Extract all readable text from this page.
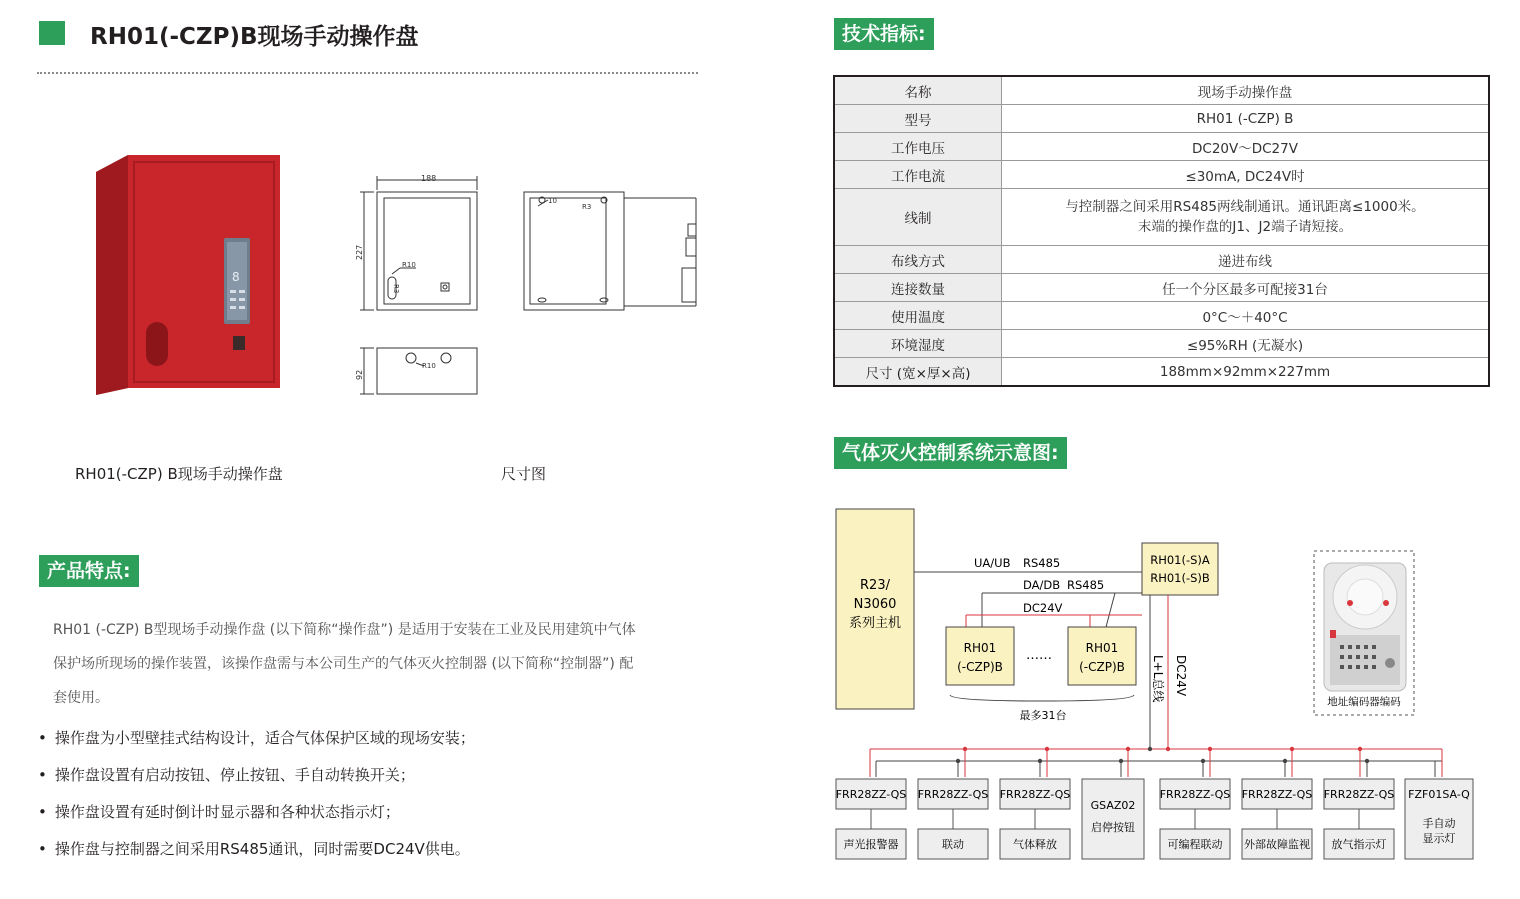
RH01(-CZP)B现场手动操作盘
8
RH01(-CZP) B现场手动操作盘
188
227
R10
R3
10
R3
92
R10
尺寸图
产品特点:
RH01 (-CZP) B型现场手动操作盘 (以下简称“操作盘”) 是适用于安装在工业及民用建筑中气体
保护场所现场的操作装置，该操作盘需与本公司生产的气体灭火控制器 (以下简称“控制器”) 配
套使用。
• 操作盘为小型壁挂式结构设计，适合气体保护区域的现场安装；
• 操作盘设置有启动按钮、停止按钮、手自动转换开关；
• 操作盘设置有延时倒计时显示器和各种状态指示灯；
• 操作盘与控制器之间采用RS485通讯，同时需要DC24V供电。
技术指标:
名称	现场手动操作盘
型号	RH01 (-CZP) B
工作电压	DC20V～DC27V
工作电流	≤30mA, DC24V时
线制	与控制器之间采用RS485两线制通讯。通讯距离≤1000米。
末端的操作盘的J1、J2端子请短接。

布线方式	递进布线
连接数量	任一个分区最多可配接31台
使用温度	0°C～＋40°C
环境湿度	≤95%RH (无凝水)
尺寸 (宽×厚×高)	188mm×92mm×227mm
气体灭火控制系统示意图:
R23/
N3060
系列主机
UA/UB RS485	RH01(-S)A
RH01(-S)B
DA/DB RS485
DC24V
RH01
(-CZP)B
……	RH01
(-CZP)B
最多31台
L+L总线 DC24V
FRR28ZZ-QS FRR28ZZ-QS FRR28ZZ-QS
GSAZ02
FRR28ZZ-QS FRR28ZZ-QS FRR28ZZ-QS FZF01SA-Q
声光报警器	联动	气体释放
启停按钮
可编程联动 外部故障监视 放气指示灯
手自动
显示灯
地址编码器编码
